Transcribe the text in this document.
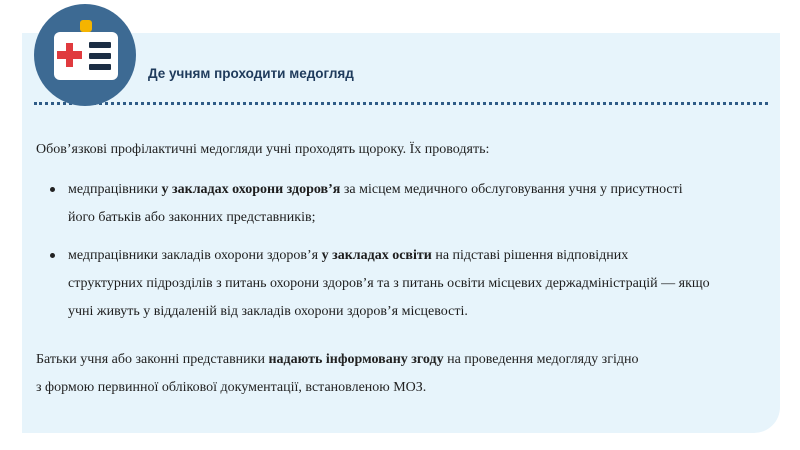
Де учням проходити медогляд
Обов’язкові профілактичні медогляди учні проходять щороку. Їх проводять:
медпрацівники у закладах охорони здоров’я за місцем медичного обслуговування учня у присутності
його батьків або законних представників;
медпрацівники закладів охорони здоров’я у закладах освіти на підставі рішення відповідних
структурних підрозділів з питань охорони здоров’я та з питань освіти місцевих держадміністрацій — якщо
учні живуть у віддаленій від закладів охорони здоров’я місцевості.
Батьки учня або законні представники надають інформовану згоду на проведення медогляду згідно
з формою первинної облікової документації, встановленою МОЗ.
